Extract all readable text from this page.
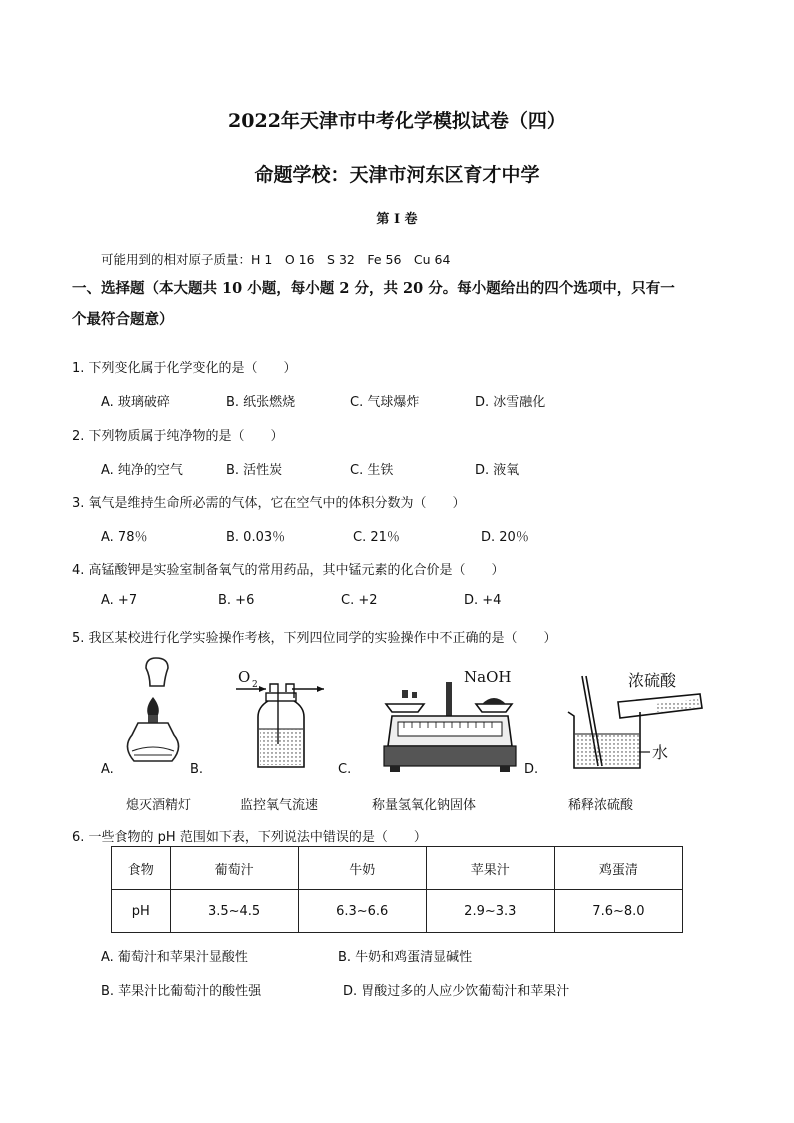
2022年天津市中考化学模拟试卷（四）
命题学校：天津市河东区育才中学
第 I 卷
可能用到的相对原子质量：H 1　O 16　S 32　Fe 56　Cu 64
一、选择题（本大题共 10 小题，每小题 2 分，共 20 分。每小题给出的四个选项中，只有一
个最符合题意）
1. 下列变化属于化学变化的是（　　）
A. 玻璃破碎	B. 纸张燃烧	C. 气球爆炸	D. 冰雪融化
2. 下列物质属于纯净物的是（　　）
A. 纯净的空气	B. 活性炭	C. 生铁	D. 液氧
3. 氧气是维持生命所必需的气体，它在空气中的体积分数为（　　）
A. 78％	B. 0.03％	C. 21％	D. 20％
4. 高锰酸钾是实验室制备氧气的常用药品，其中锰元素的化合价是（　　）
A. +7	B. +6	C. +2	D. +4
5. 我区某校进行化学实验操作考核，下列四位同学的实验操作中不正确的是（　　）
A.
O 2
B.
NaOH
C.
浓硫酸
水
D.
熄灭酒精灯	监控氧气流速	称量氢氧化钠固体	稀释浓硫酸
6. 一些食物的 pH 范围如下表，下列说法中错误的是（　　）
食物	葡萄汁	牛奶	苹果汁	鸡蛋清
pH	3.5~4.5	6.3~6.6	2.9~3.3	7.6~8.0
A. 葡萄汁和苹果汁显酸性	B. 牛奶和鸡蛋清显碱性
B. 苹果汁比葡萄汁的酸性强	D. 胃酸过多的人应少饮葡萄汁和苹果汁
